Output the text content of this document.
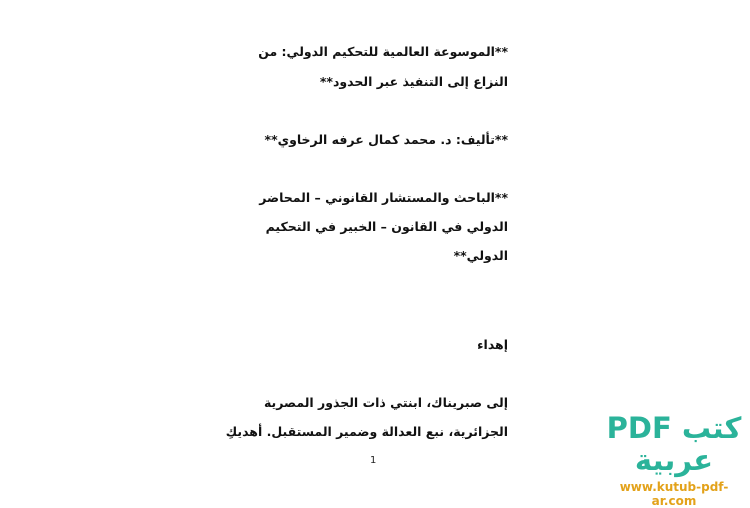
**الموسوعة العالمية للتحكيم الدولي: من
النزاع إلى التنفيذ عبر الحدود**
**تأليف: د. محمد كمال عرفه الرخاوي**
**الباحث والمستشار القانوني – المحاضر
الدولي في القانون – الخبير في التحكيم
الدولي**
إهداء
إلى صبريناك، ابنتي ذات الجذور المصرية
الجزائرية، نبع العدالة وضمير المستقبل. أهديكِ
1
كتب PDF عربية
www.kutub-pdf-ar.com
